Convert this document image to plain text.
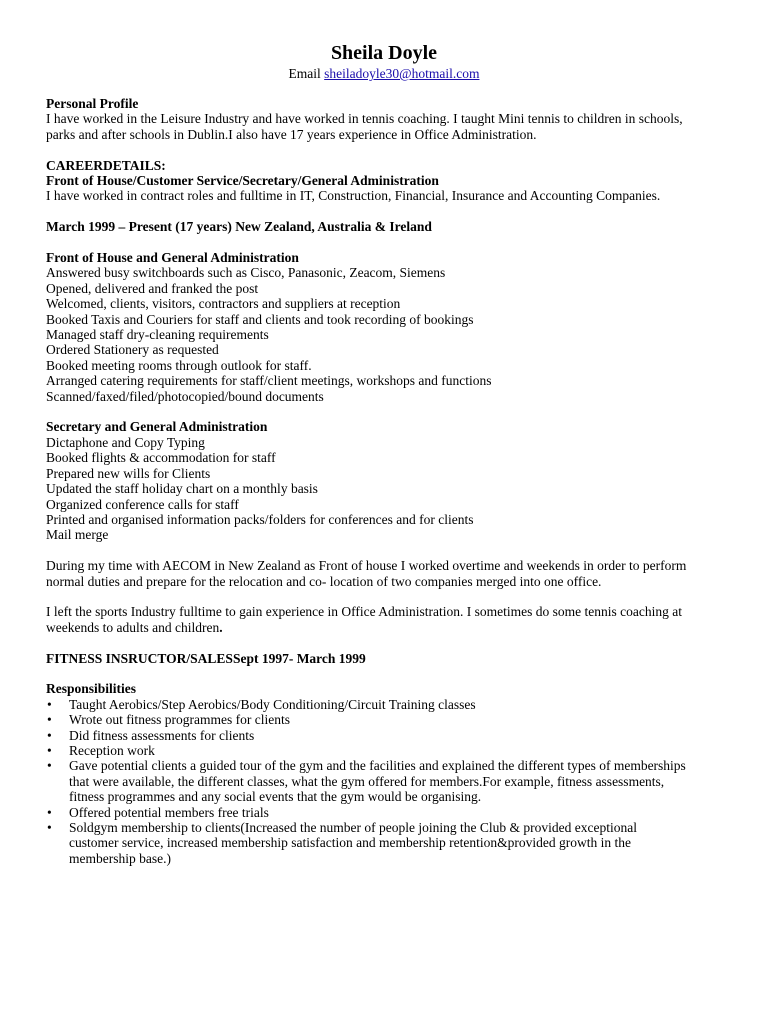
Sheila Doyle
Email sheiladoyle30@hotmail.com
Personal Profile
I have worked in the Leisure Industry and have worked in tennis coaching. I taught Mini tennis to children in schools,
parks and after schools in Dublin.I also have 17 years experience in Office Administration.
CAREERDETAILS:
Front of House/Customer Service/Secretary/General Administration
I have worked in contract roles and fulltime in IT, Construction, Financial, Insurance and Accounting Companies.
March 1999 – Present (17 years) New Zealand, Australia & Ireland
Front of House and General Administration
Answered busy switchboards such as Cisco, Panasonic, Zeacom, Siemens
Opened, delivered and franked the post
Welcomed, clients, visitors, contractors and suppliers at reception
Booked Taxis and Couriers for staff and clients and took recording of bookings
Managed staff dry-cleaning requirements
Ordered Stationery as requested
Booked meeting rooms through outlook for staff.
Arranged catering requirements for staff/client meetings, workshops and functions
Scanned/faxed/filed/photocopied/bound documents
Secretary and General Administration
Dictaphone and Copy Typing
Booked flights & accommodation for staff
Prepared new wills for Clients
Updated the staff holiday chart on a monthly basis
Organized conference calls for staff
Printed and organised information packs/folders for conferences and for clients
Mail merge
During my time with AECOM in New Zealand as Front of house I worked overtime and weekends in order to perform
normal duties and prepare for the relocation and co- location of two companies merged into one office.
I left the sports Industry fulltime to gain experience in Office Administration. I sometimes do some tennis coaching at
weekends to adults and children.
FITNESS INSRUCTOR/SALESSept 1997- March 1999
Responsibilities
• Taught Aerobics/Step Aerobics/Body Conditioning/Circuit Training classes
• Wrote out fitness programmes for clients
• Did fitness assessments for clients
• Reception work
• Gave potential clients a guided tour of the gym and the facilities and explained the different types of memberships
that were available, the different classes, what the gym offered for members.For example, fitness assessments,
fitness programmes and any social events that the gym would be organising.
• Offered potential members free trials
• Soldgym membership to clients(Increased the number of people joining the Club & provided exceptional
customer service, increased membership satisfaction and membership retention&provided growth in the
membership base.)
